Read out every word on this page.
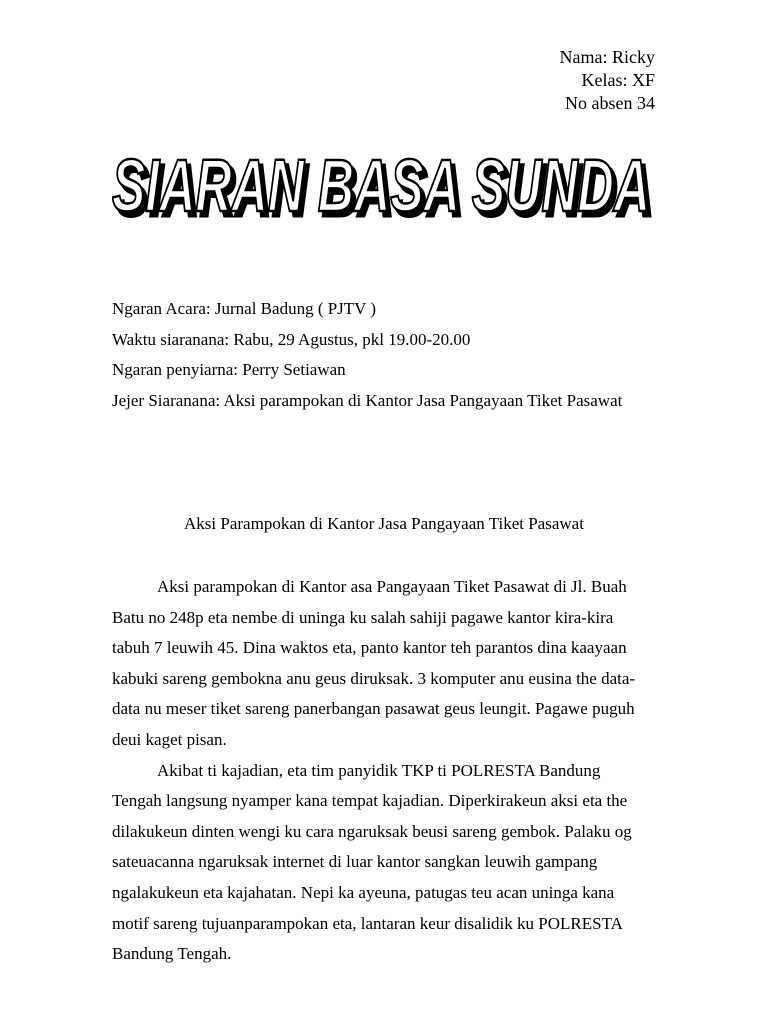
Nama: Ricky
Kelas: XF
No absen 34
SIARAN BASA SUNDA
SIARAN BASA SUNDA
Ngaran Acara: Jurnal Badung ( PJTV )
Waktu siaranana: Rabu, 29 Agustus, pkl 19.00-20.00
Ngaran penyiarna: Perry Setiawan
Jejer Siaranana: Aksi parampokan di Kantor Jasa Pangayaan Tiket Pasawat
Aksi Parampokan di Kantor Jasa Pangayaan Tiket Pasawat
Aksi parampokan di Kantor asa Pangayaan Tiket Pasawat di Jl. Buah
Batu no 248p eta nembe di uninga ku salah sahiji pagawe kantor kira-kira
tabuh 7 leuwih 45. Dina waktos eta, panto kantor teh parantos dina kaayaan
kabuki sareng gembokna anu geus diruksak. 3 komputer anu eusina the data-
data nu meser tiket sareng panerbangan pasawat geus leungit. Pagawe puguh
deui kaget pisan.
Akibat ti kajadian, eta tim panyidik TKP ti POLRESTA Bandung
Tengah langsung nyamper kana tempat kajadian. Diperkirakeun aksi eta the
dilakukeun dinten wengi ku cara ngaruksak beusi sareng gembok. Palaku og
sateuacanna ngaruksak internet di luar kantor sangkan leuwih gampang
ngalakukeun eta kajahatan. Nepi ka ayeuna, patugas teu acan uninga kana
motif sareng tujuanparampokan eta, lantaran keur disalidik ku POLRESTA
Bandung Tengah.
